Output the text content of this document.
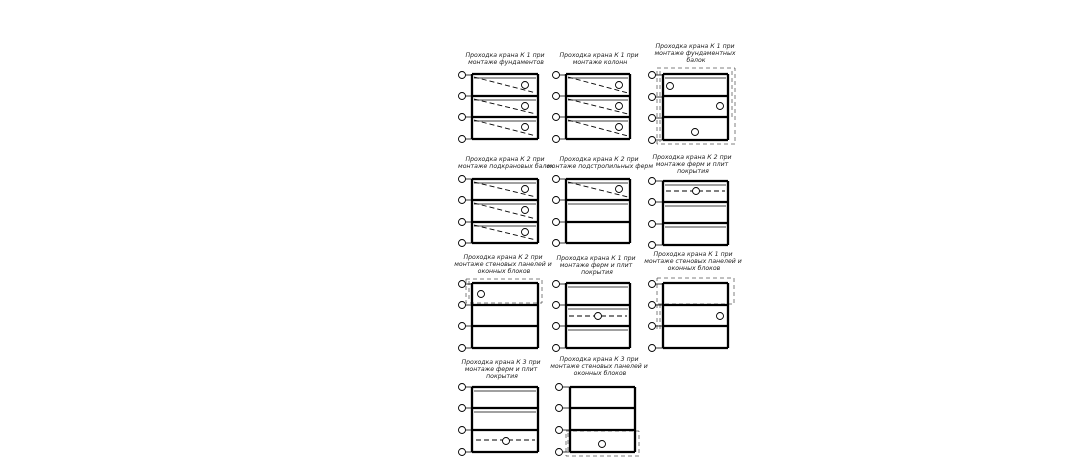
Проходка крана К 1 при монтаже фундаментов
Проходка крана К 1 при монтаже колонн
Проходка крана К 1 при монтаже фундаментных балок
Проходка крана К 2 при монтаже подкрановых балок
Проходка крана К 2 при монтаже подстропильных ферм
Проходка крана К 2 при монтаже ферм и плит покрытия
Проходка крана К 2 при монтаже стеновых панелей и оконных блоков
Проходка крана К 1 при монтаже ферм и плит покрытия
Проходка крана К 1 при монтаже стеновых панелей и оконных блоков
Проходка крана К 3 при монтаже ферм и плит покрытия
Проходка крана К 3 при монтаже стеновых панелей и оконных блоков
